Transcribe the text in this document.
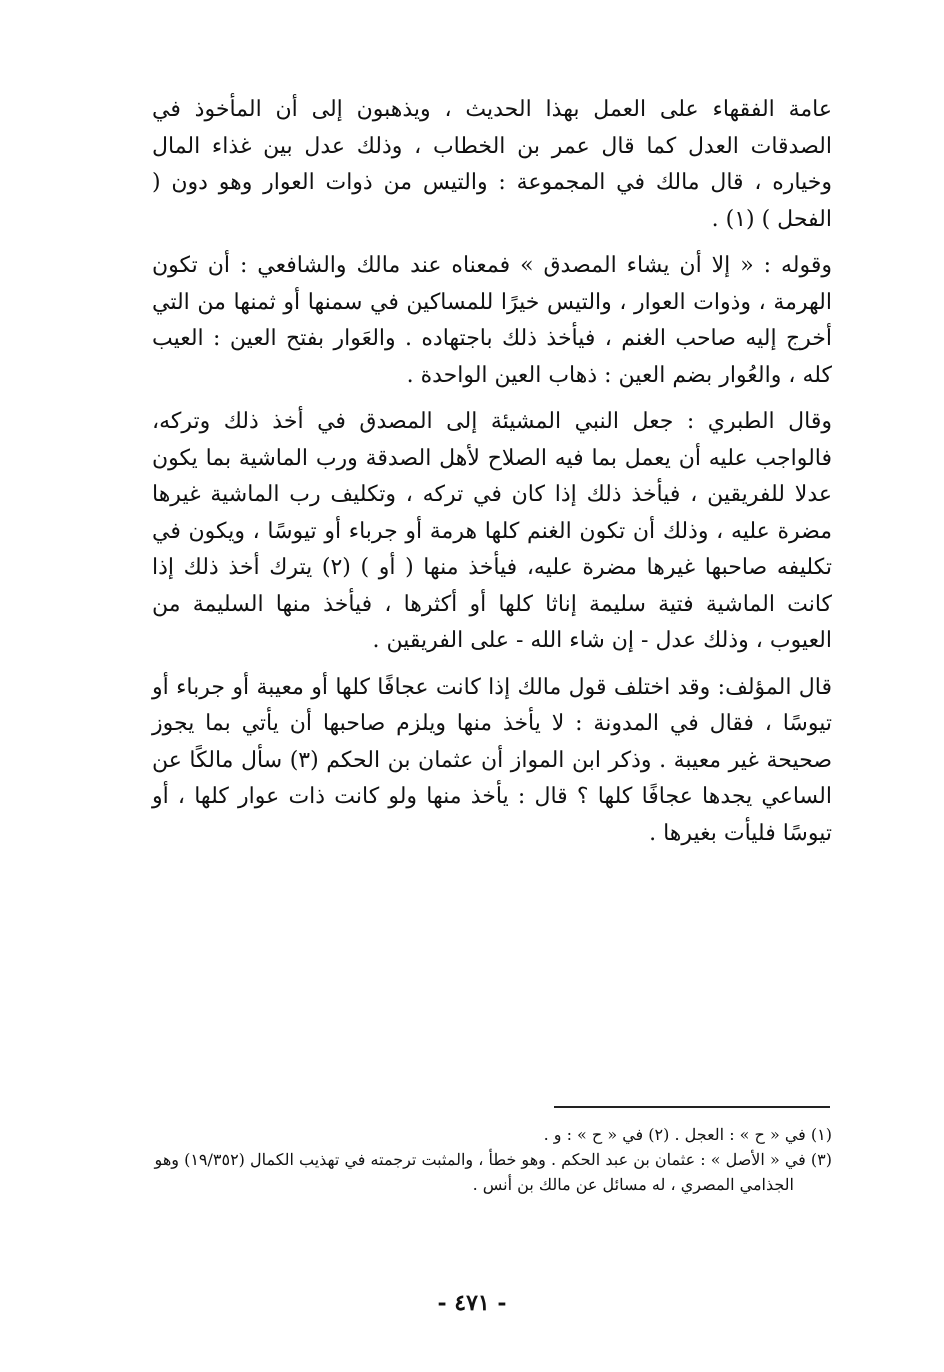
عامة الفقهاء على العمل بهذا الحديث ، ويذهبون إلى أن المأخوذ في الصدقات العدل كما قال عمر بن الخطاب ، وذلك عدل بين غذاء المال وخياره ، قال مالك في المجموعة : والتيس من ذوات العوار وهو دون ( الفحل ) (١) .

وقوله : « إلا أن يشاء المصدق » فمعناه عند مالك والشافعي : أن تكون الهرمة ، وذوات العوار ، والتيس خيرًا للمساكين في سمنها أو ثمنها من التي أخرج إليه صاحب الغنم ، فيأخذ ذلك باجتهاده . والعَوار بفتح العين : العيب كله ، والعُوار بضم العين : ذهاب العين الواحدة .

وقال الطبري : جعل النبي المشيئة إلى المصدق في أخذ ذلك وتركه، فالواجب عليه أن يعمل بما فيه الصلاح لأهل الصدقة ورب الماشية بما يكون عدلا للفريقين ، فيأخذ ذلك إذا كان في تركه ، وتكليف رب الماشية غيرها مضرة عليه ، وذلك أن تكون الغنم كلها هرمة أو جرباء أو تيوسًا ، ويكون في تكليفه صاحبها غيرها مضرة عليه، فيأخذ منها ( أو ) (٢) يترك أخذ ذلك إذا كانت الماشية فتية سليمة إناثا كلها أو أكثرها ، فيأخذ منها السليمة من العيوب ، وذلك عدل - إن شاء الله - على الفريقين .

قال المؤلف: وقد اختلف قول مالك إذا كانت عجافًا كلها أو معيبة أو جرباء أو تيوسًا ، فقال في المدونة : لا يأخذ منها ويلزم صاحبها أن يأتي بما يجوز صحيحة غير معيبة . وذكر ابن المواز أن عثمان بن الحكم (٣) سأل مالكًا عن الساعي يجدها عجافًا كلها ؟ قال : يأخذ منها ولو كانت ذات عوار كلها ، أو تيوسًا فليأت بغيرها .

(١) في « ح » : العجل . (٢) في « ح » : و .

(٣) في « الأصل » : عثمان بن عبد الحكم . وهو خطأ ، والمثبت ترجمته في تهذيب الكمال (١٩/٣٥٢) وهو الجذامي المصري ، له مسائل عن مالك بن أنس .

- ٤٧١ -
